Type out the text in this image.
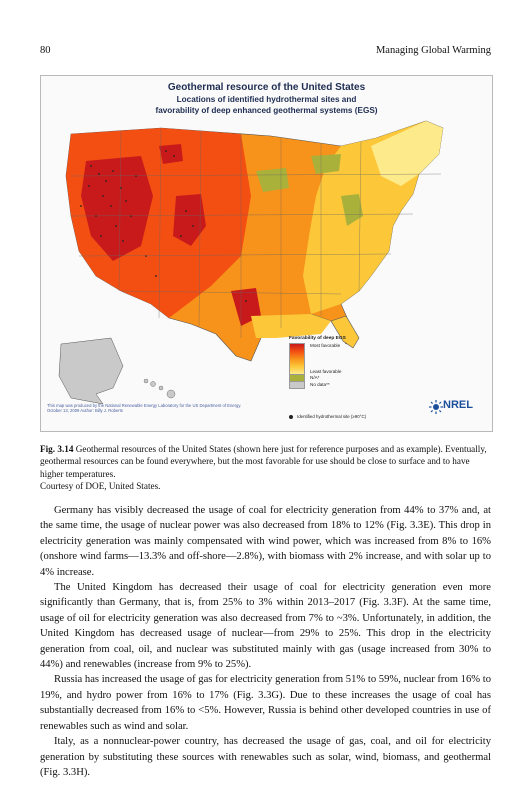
80	Managing Global Warming
Geothermal resource of the United States
Locations of identified hydrothermal sites and
favorability of deep enhanced geothermal systems (EGS)
Favorability of deep EGS
Most favorable
Least favorable
N/A*
No data**
Identified hydrothermal site (≥90°C)
This map was produced by the National Renewable Energy Laboratory for the US Department of Energy.
October 13, 2009 Author: Billy J. Roberts	NREL
Fig. 3.14 Geothermal resources of the United States (shown here just for reference purposes and as example). Eventually, geothermal resources can be found everywhere, but the most favorable for use should be close to surface and to have higher temperatures.
Courtesy of DOE, United States.

Germany has visibly decreased the usage of coal for electricity generation from 44% to 37% and, at the same time, the usage of nuclear power was also decreased from 18% to 12% (Fig. 3.3E). This drop in electricity generation was mainly compensated with wind power, which was increased from 8% to 16% (onshore wind farms—13.3% and off-shore—2.8%), with biomass with 2% increase, and with solar up to 4% increase.

The United Kingdom has decreased their usage of coal for electricity generation even more significantly than Germany, that is, from 25% to 3% within 2013–2017 (Fig. 3.3F). At the same time, usage of oil for electricity generation was also decreased from 7% to ~3%. Unfortunately, in addition, the United Kingdom has decreased usage of nuclear—from 29% to 25%. This drop in the electricity generation from coal, oil, and nuclear was substituted mainly with gas (usage increased from 30% to 44%) and renewables (increase from 9% to 25%).

Russia has increased the usage of gas for electricity generation from 51% to 59%, nuclear from 16% to 19%, and hydro power from 16% to 17% (Fig. 3.3G). Due to these increases the usage of coal has substantially decreased from 16% to <5%. However, Russia is behind other developed countries in use of renewables such as wind and solar.

Italy, as a nonnuclear-power country, has decreased the usage of gas, coal, and oil for electricity generation by substituting these sources with renewables such as solar, wind, biomass, and geothermal (Fig. 3.3H).
